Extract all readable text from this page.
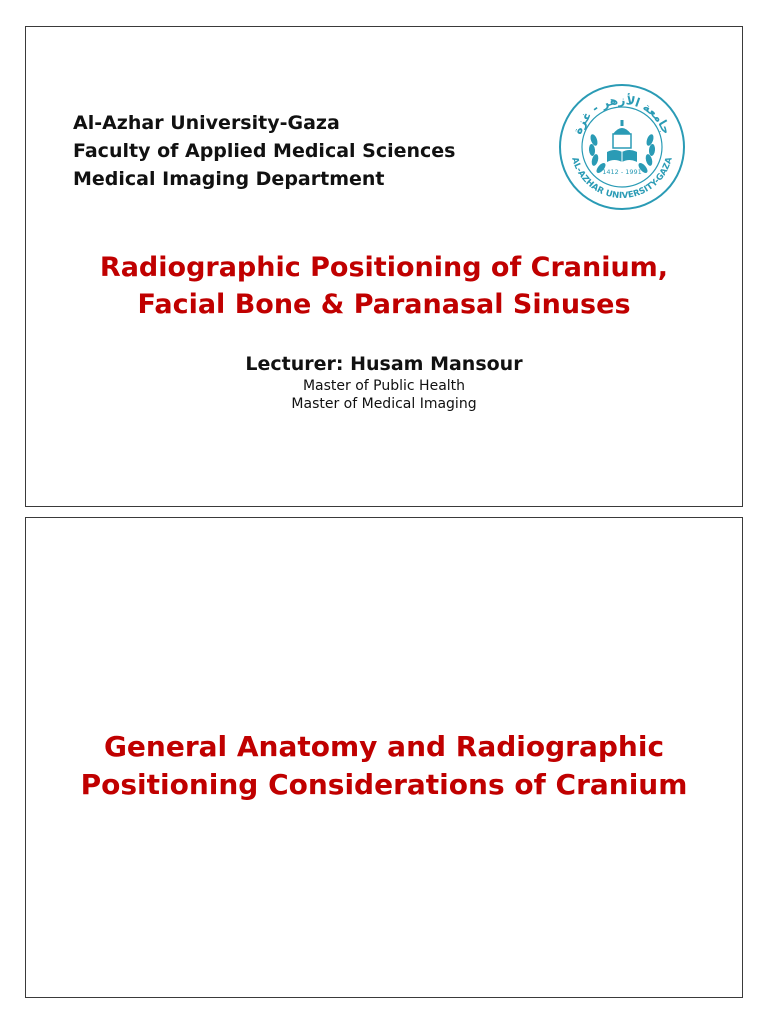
Al-Azhar University-Gaza
Faculty of Applied Medical Sciences
Medical Imaging Department
جامعة الأزهر - غزة
AL-AZHAR UNIVERSITY-GAZA
1412 - 1991
Radiographic Positioning of Cranium,
Facial Bone & Paranasal Sinuses
Lecturer: Husam Mansour
Master of Public Health
Master of Medical Imaging
General Anatomy and Radiographic
Positioning Considerations of Cranium
